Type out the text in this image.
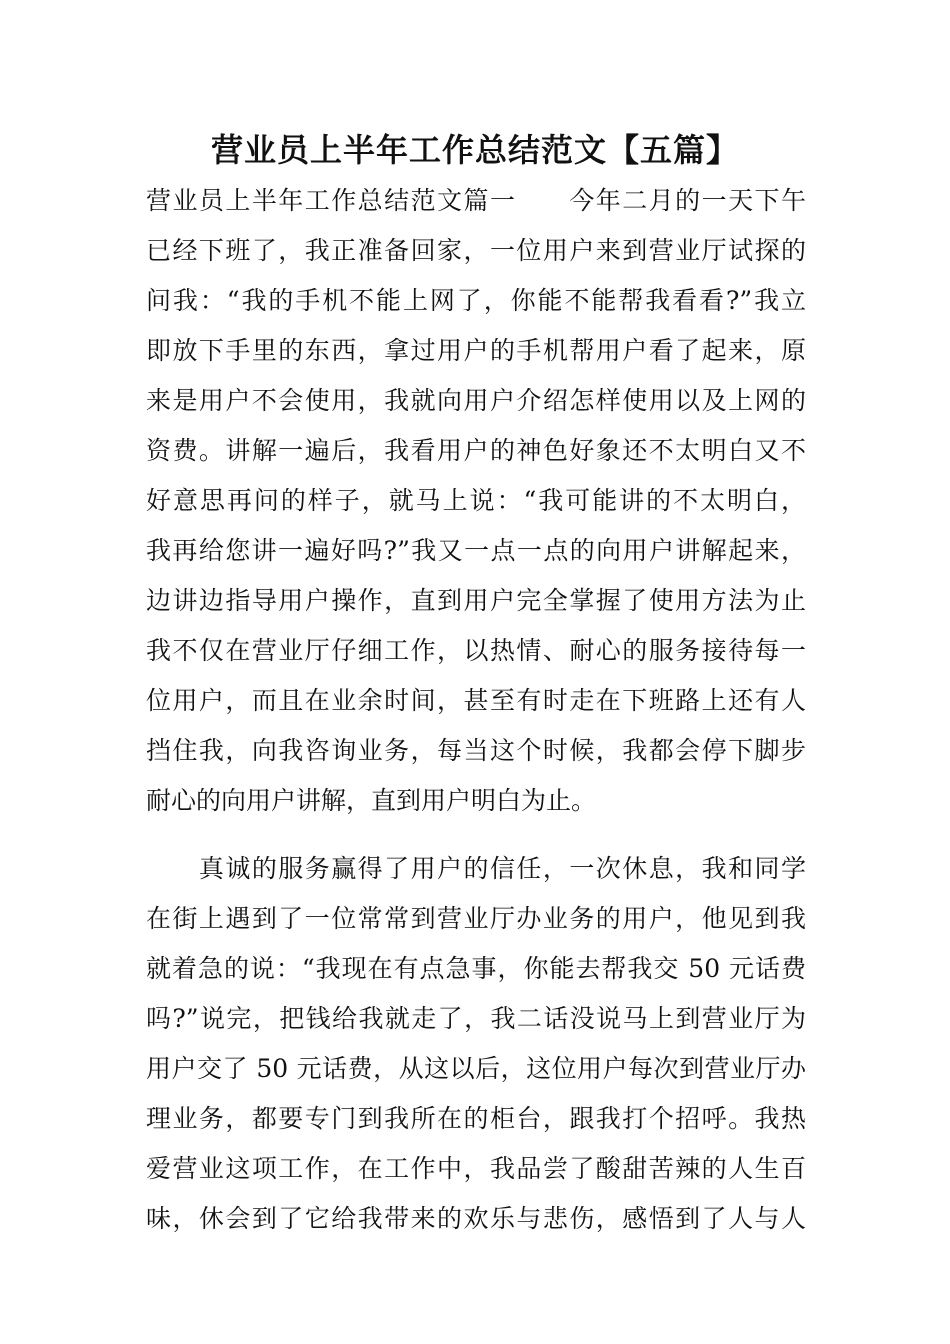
营业员上半年工作总结范文【五篇】
营业员上半年工作总结范文篇一　　今年二月的一天下午
已经下班了，我正准备回家，一位用户来到营业厅试探的
问我：“我的手机不能上网了，你能不能帮我看看?”我立
即放下手里的东西，拿过用户的手机帮用户看了起来，原
来是用户不会使用，我就向用户介绍怎样使用以及上网的
资费。讲解一遍后，我看用户的神色好象还不太明白又不
好意思再问的样子，就马上说：“我可能讲的不太明白，
我再给您讲一遍好吗?”我又一点一点的向用户讲解起来，
边讲边指导用户操作，直到用户完全掌握了使用方法为止
我不仅在营业厅仔细工作，以热情、耐心的服务接待每一
位用户，而且在业余时间，甚至有时走在下班路上还有人
挡住我，向我咨询业务，每当这个时候，我都会停下脚步
耐心的向用户讲解，直到用户明白为止。
　　真诚的服务赢得了用户的信任，一次休息，我和同学
在街上遇到了一位常常到营业厅办业务的用户，他见到我
就着急的说：“我现在有点急事，你能去帮我交 50 元话费
吗?”说完，把钱给我就走了，我二话没说马上到营业厅为
用户交了 50 元话费，从这以后，这位用户每次到营业厅办
理业务，都要专门到我所在的柜台，跟我打个招呼。我热
爱营业这项工作，在工作中，我品尝了酸甜苦辣的人生百
味，休会到了它给我带来的欢乐与悲伤，感悟到了人与人
